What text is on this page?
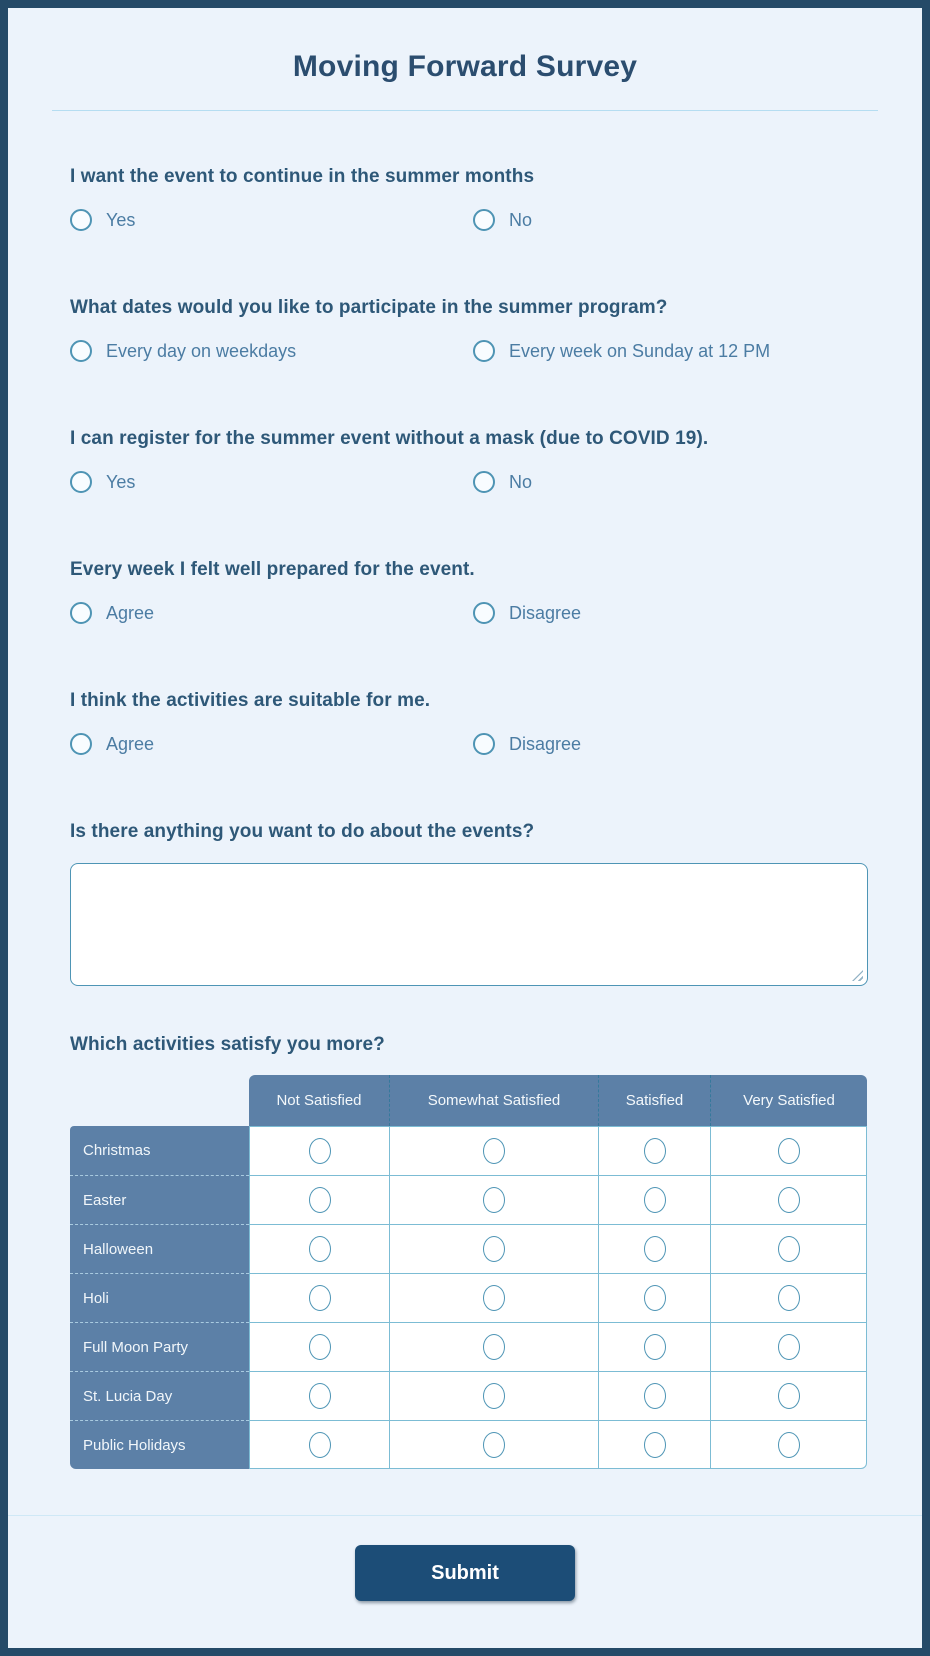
Moving Forward Survey
I want the event to continue in the summer months
Yes	No
What dates would you like to participate in the summer program?
Every day on weekdays	Every week on Sunday at 12 PM
I can register for the summer event without a mask (due to COVID 19).
Yes	No
Every week I felt well prepared for the event.
Agree	Disagree
I think the activities are suitable for me.
Agree	Disagree
Is there anything you want to do about the events?
Which activities satisfy you more?
Not Satisfied	Somewhat Satisfied	Satisfied	Very Satisfied
Christmas
Easter
Halloween
Holi
Full Moon Party
St. Lucia Day
Public Holidays
Submit
